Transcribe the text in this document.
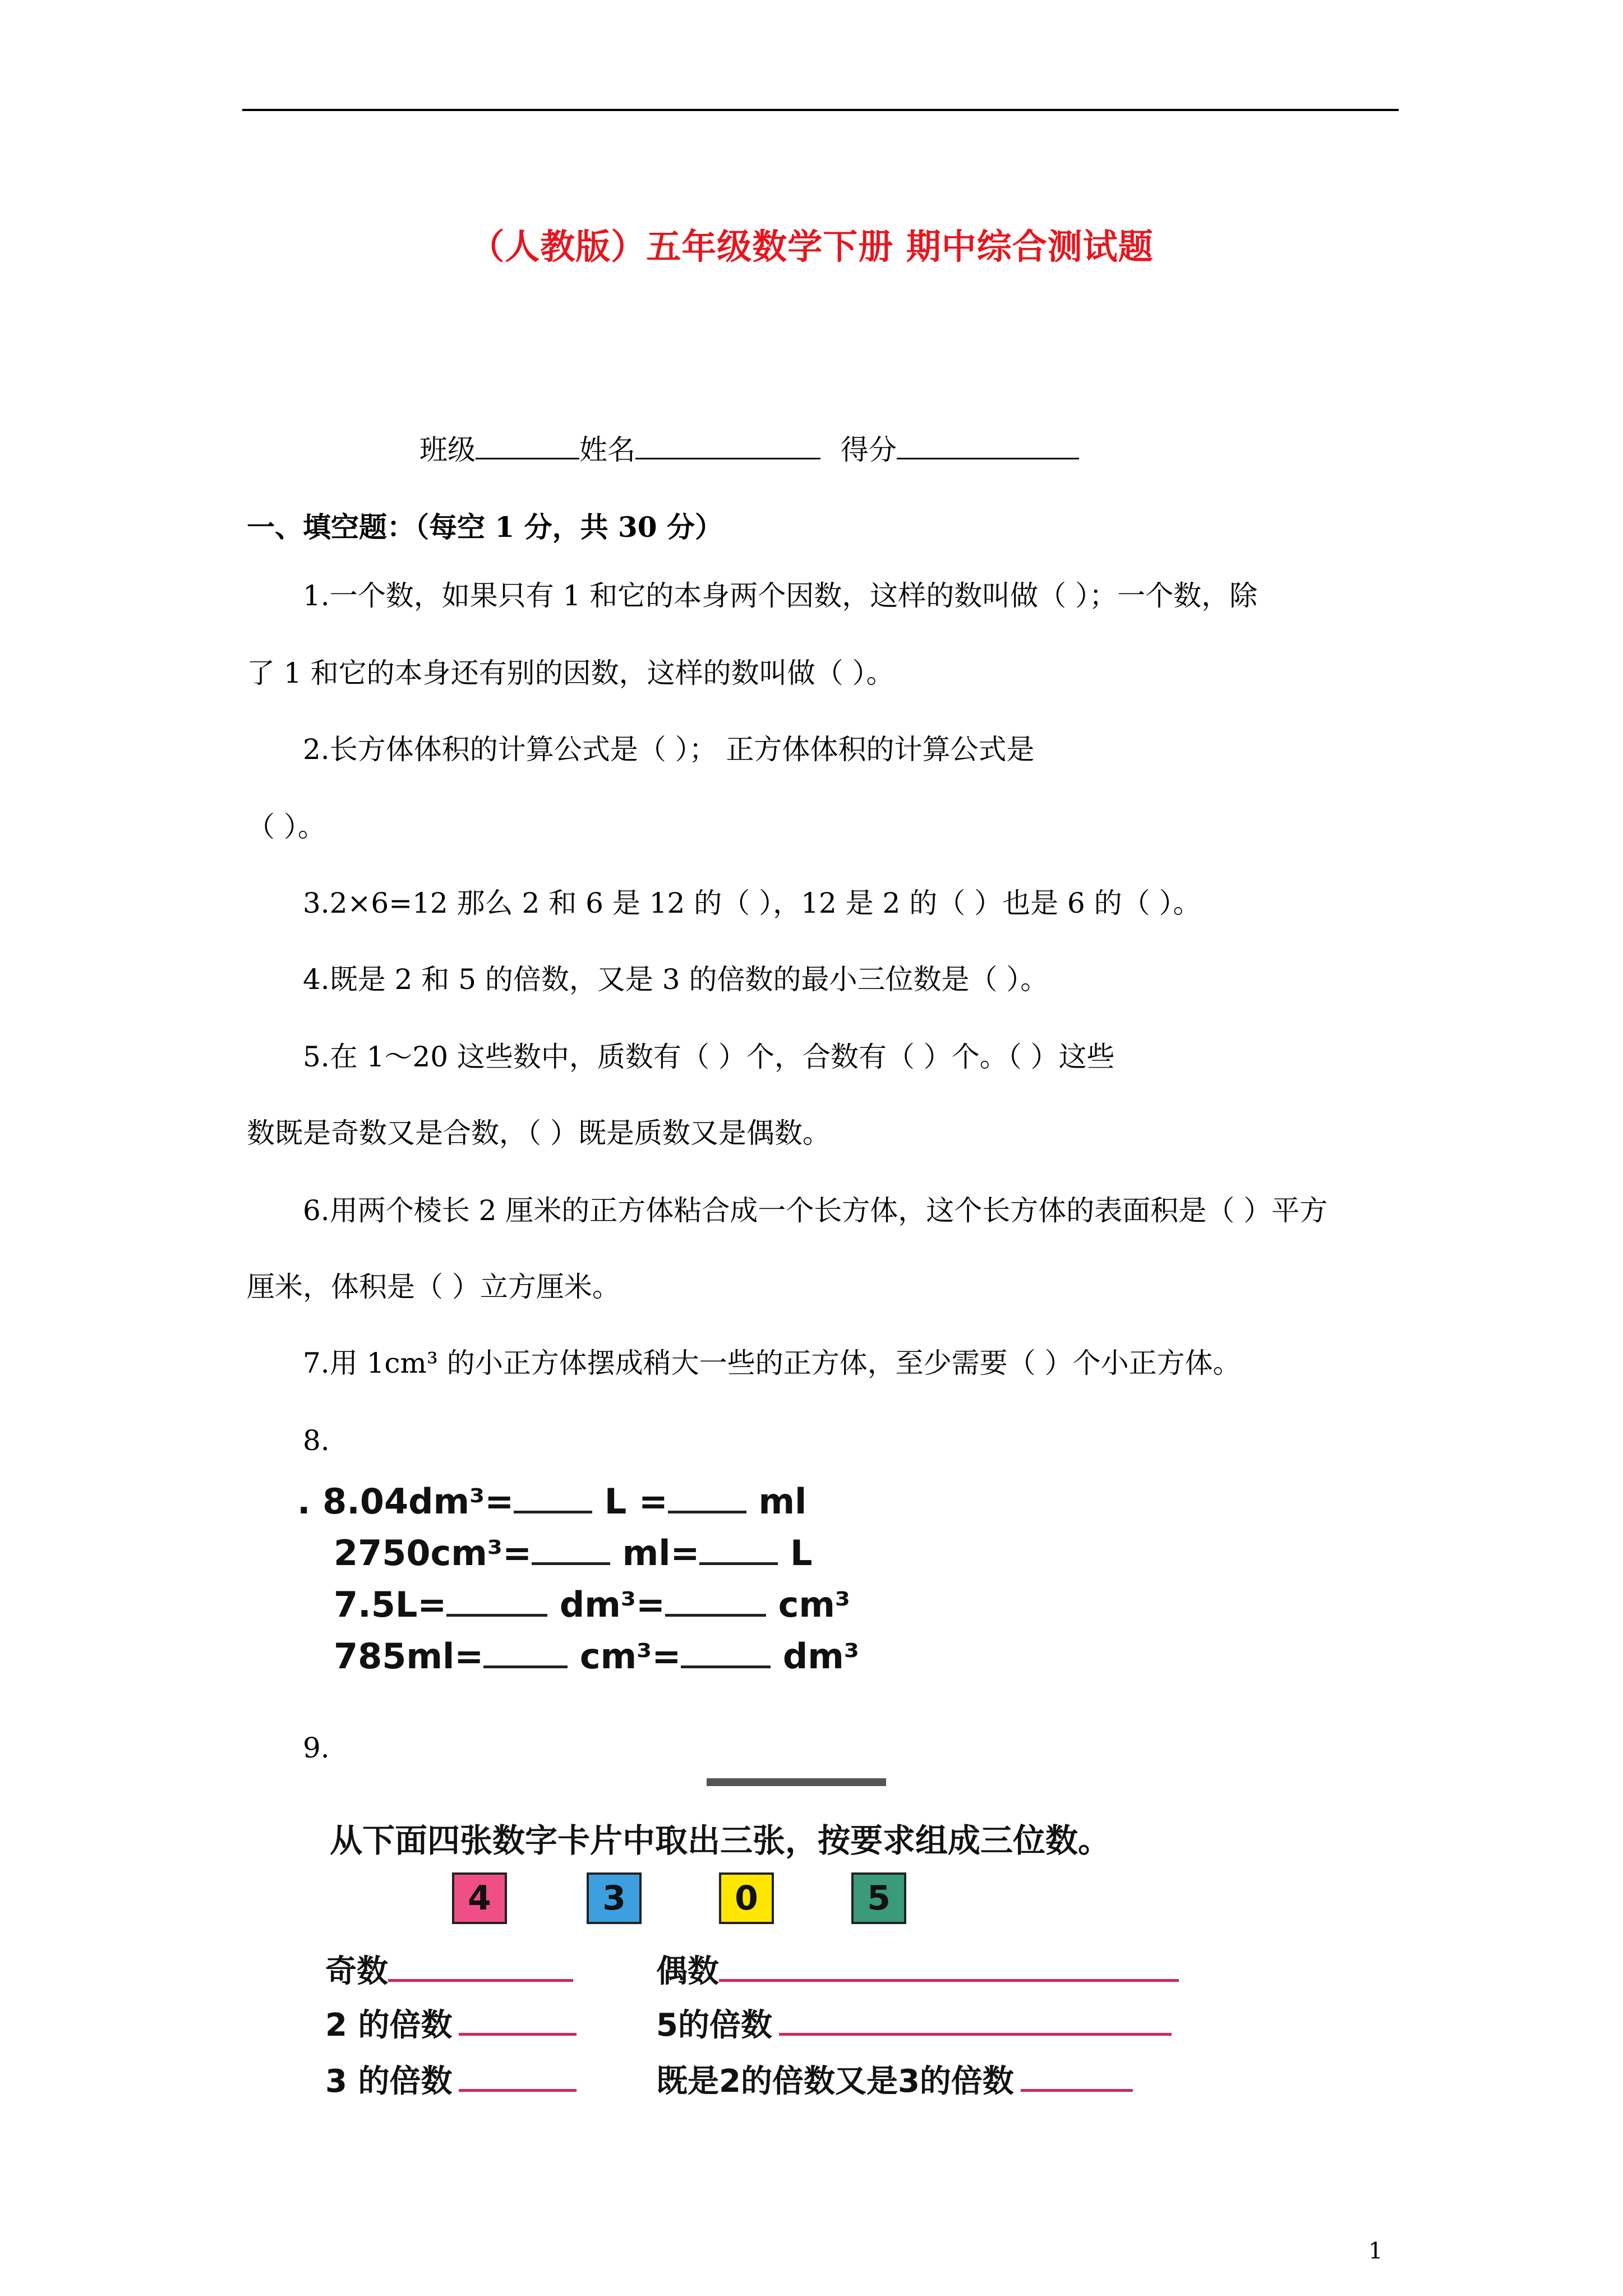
（人教版）五年级数学下册 期中综合测试题
班级	姓名	得分
一、填空题：（每空 1 分，共 30 分）
1.一个数，如果只有 1 和它的本身两个因数，这样的数叫做（ ）；一个数，除
了 1 和它的本身还有别的因数，这样的数叫做（ ）。
2.长方体体积的计算公式是（ ）； 正方体体积的计算公式是
（ ）。
3.2×6=12 那么 2 和 6 是 12 的（ ），12 是 2 的（ ）也是 6 的（ ）。
4.既是 2 和 5 的倍数，又是 3 的倍数的最小三位数是（ ）。
5.在 1～20 这些数中，质数有（ ）个，合数有（ ）个。（ ）这些
数既是奇数又是合数，（ ）既是质数又是偶数。
6.用两个棱长 2 厘米的正方体粘合成一个长方体，这个长方体的表面积是（ ）平方
厘米，体积是（ ）立方厘米。
7.用 1cm³ 的小正方体摆成稍大一些的正方体，至少需要（ ）个小正方体。
8.
. 8.04dm³=	L =	ml
2750cm³=	ml=	L
7.5L=	dm³=	cm³
785ml=	cm³=	dm³
9.
从下面四张数字卡片中取出三张，按要求组成三位数。
4	3	0	5
奇数	偶数
2 的倍数	5的倍数
3 的倍数	既是2的倍数又是3的倍数
1
